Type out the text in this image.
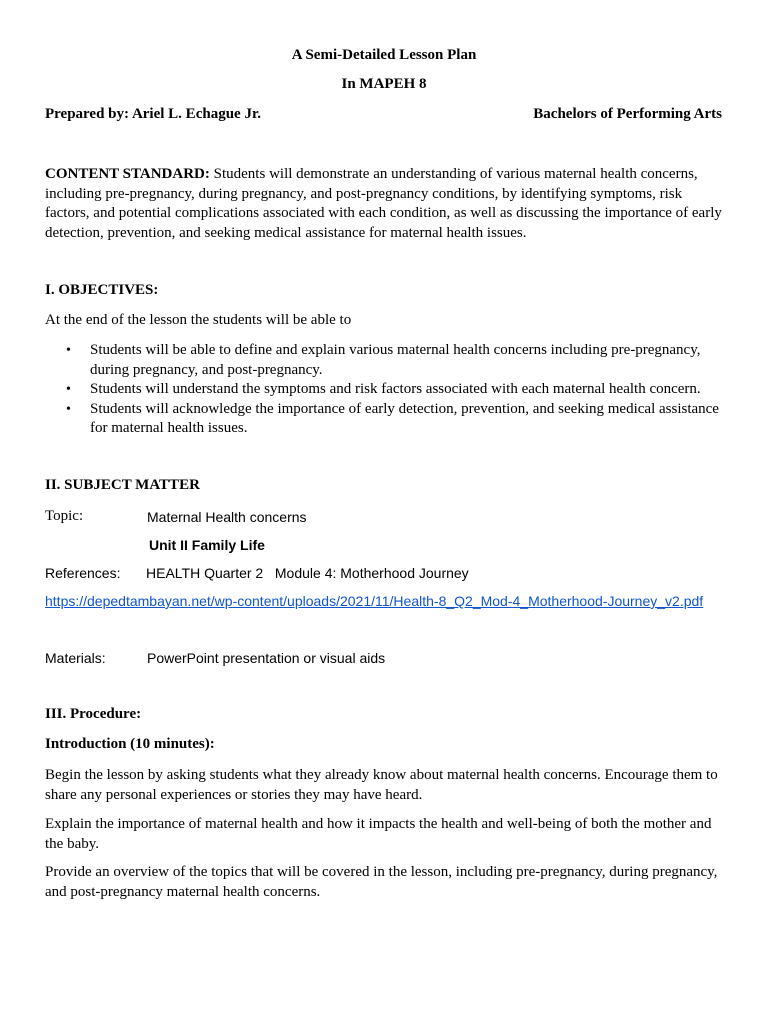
A Semi-Detailed Lesson Plan
In MAPEH 8
Prepared by: Ariel L. Echague Jr.	Bachelors of Performing Arts
CONTENT STANDARD: Students will demonstrate an understanding of various maternal health concerns, including pre-pregnancy, during pregnancy, and post-pregnancy conditions, by identifying symptoms, risk factors, and potential complications associated with each condition, as well as discussing the importance of early detection, prevention, and seeking medical assistance for maternal health issues.
I. OBJECTIVES:
At the end of the lesson the students will be able to
• Students will be able to define and explain various maternal health concerns including pre-pregnancy, during pregnancy, and post-pregnancy.
• Students will understand the symptoms and risk factors associated with each maternal health concern.
• Students will acknowledge the importance of early detection, prevention, and seeking medical assistance for maternal health issues.
II. SUBJECT MATTER
Topic:	Maternal Health concerns
Unit II Family Life
References: HEALTH Quarter 2   Module 4: Motherhood Journey
https://depedtambayan.net/wp-content/uploads/2021/11/Health-8_Q2_Mod-4_Motherhood-Journey_v2.pdf
Materials:	PowerPoint presentation or visual aids
III. Procedure:
Introduction (10 minutes):
Begin the lesson by asking students what they already know about maternal health concerns. Encourage them to share any personal experiences or stories they may have heard.
Explain the importance of maternal health and how it impacts the health and well-being of both the mother and the baby.
Provide an overview of the topics that will be covered in the lesson, including pre-pregnancy, during pregnancy, and post-pregnancy maternal health concerns.
